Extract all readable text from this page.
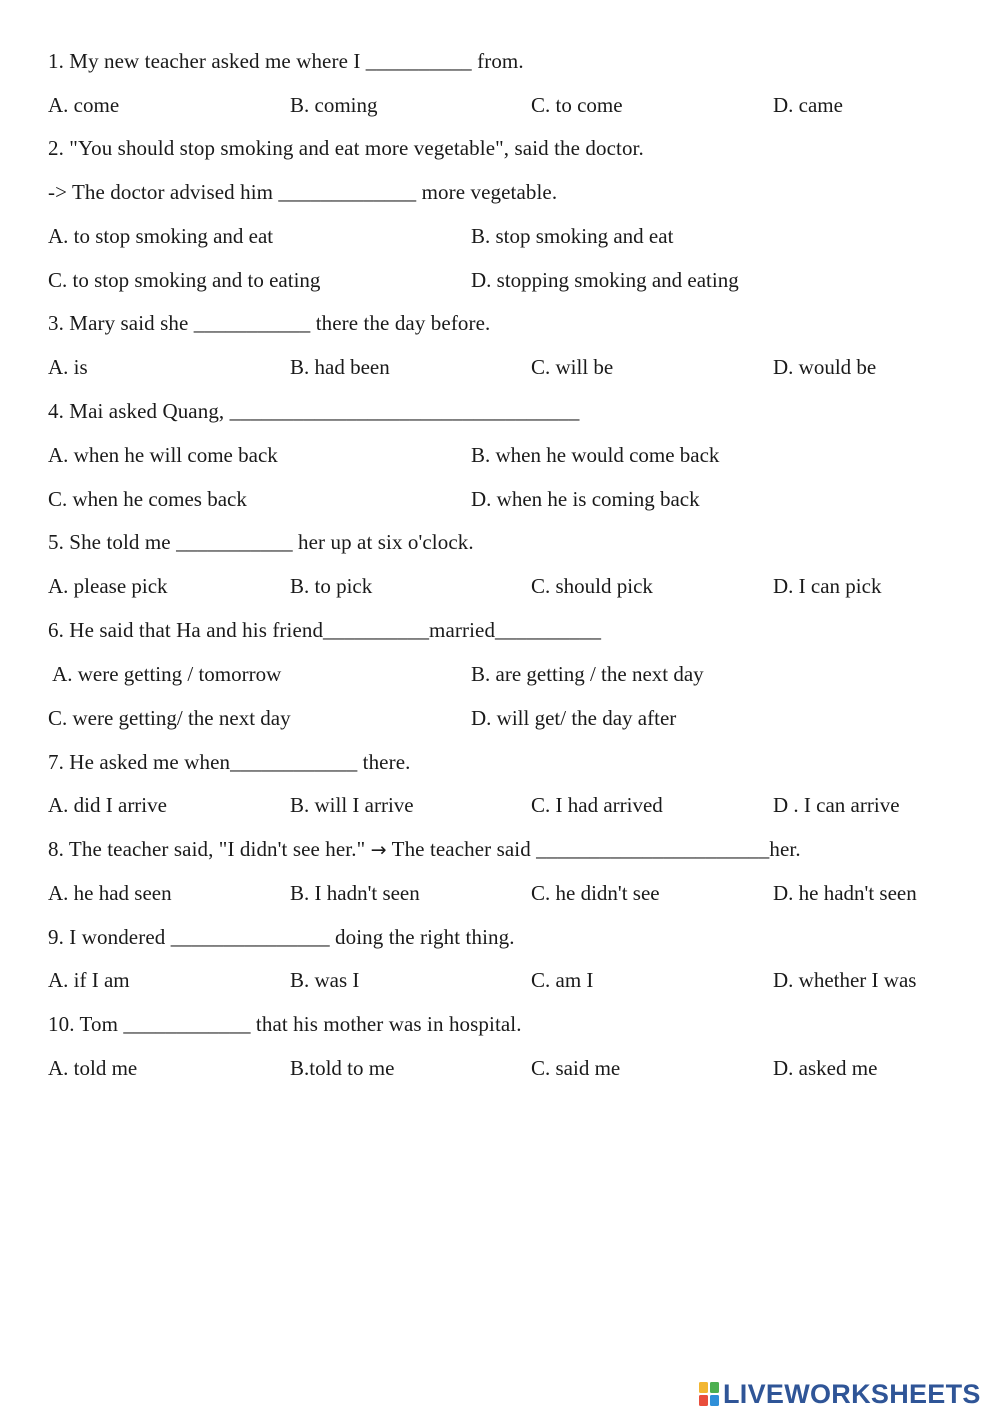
1. My new teacher asked me where I __________ from.
A. come	B. coming	C. to come	D. came
2. "You should stop smoking and eat more vegetable", said the doctor.
-> The doctor advised him _____________ more vegetable.
A. to stop smoking and eat	B. stop smoking and eat
C. to stop smoking and to eating	D. stopping smoking and eating
3. Mary said she ___________ there the day before.
A. is	B. had been	C. will be	D. would be
4. Mai asked Quang, _________________________________
A. when he will come back	B. when he would come back
C. when he comes back	D. when he is coming back
5. She told me ___________ her up at six o'clock.
A. please pick	B. to pick	C. should pick	D. I can pick
6. He said that Ha and his friend__________married__________
A. were getting / tomorrow	B. are getting / the next day
C. were getting/ the next day	D. will get/ the day after
7. He asked me when____________ there.
A. did I arrive	B. will I arrive	C. I had arrived	D . I can arrive
8. The teacher said, "I didn't see her." → The teacher said ______________________her.
A. he had seen	B. I hadn't seen	C. he didn't see	D. he hadn't seen
9. I wondered _______________ doing the right thing.
A. if I am	B. was I	C. am I	D. whether I was
10. Tom ____________ that his mother was in hospital.
A. told me	B.told to me	C. said me	D. asked me
LIVEWORKSHEETS
